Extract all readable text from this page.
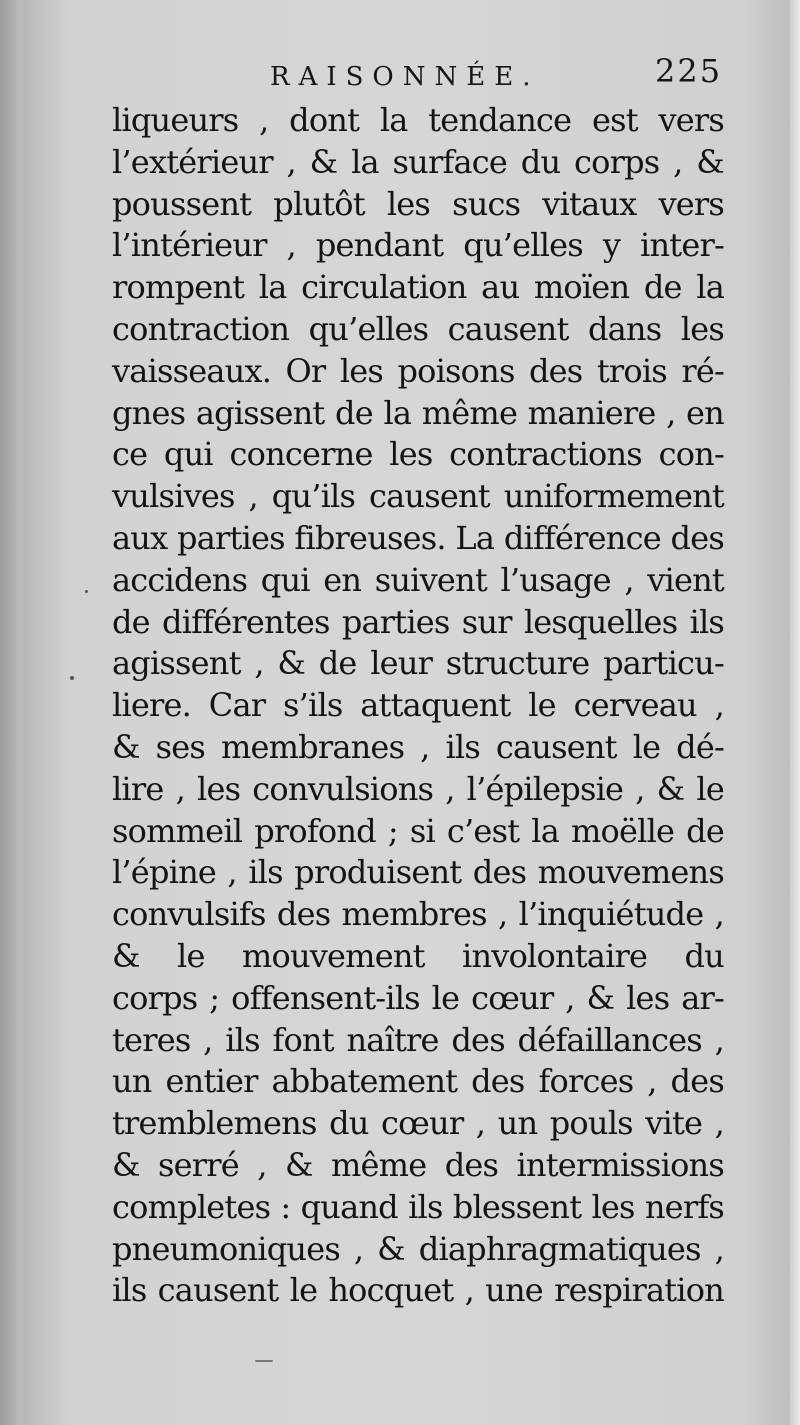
RAISONNÉE.	225
liqueurs , dont la tendance est vers
l’extérieur , & la surface du corps , &
poussent plutôt les sucs vitaux vers
l’intérieur , pendant qu’elles y inter-
rompent la circulation au moïen de la
contraction qu’elles causent dans les
vaisseaux. Or les poisons des trois ré-
gnes agissent de la même maniere , en
ce qui concerne les contractions con-
vulsives , qu’ils causent uniformement
aux parties fibreuses. La différence des
accidens qui en suivent l’usage , vient
de différentes parties sur lesquelles ils
agissent , & de leur structure particu-
liere. Car s’ils attaquent le cerveau ,
& ses membranes , ils causent le dé-
lire , les convulsions , l’épilepsie , & le
sommeil profond ; si c’est la moëlle de
l’épine , ils produisent des mouvemens
convulsifs des membres , l’inquiétude ,
& le mouvement involontaire du
corps ; offensent-ils le cœur , & les ar-
teres , ils font naître des défaillances ,
un entier abbatement des forces , des
tremblemens du cœur , un pouls vite ,
& serré , & même des intermissions
completes : quand ils blessent les nerfs
pneumoniques , & diaphragmatiques ,
ils causent le hocquet , une respiration
